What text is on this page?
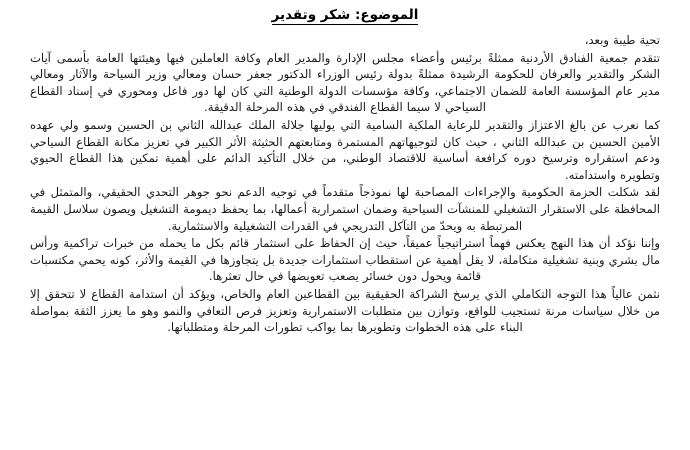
الموضوع: شكر وتقدير

تحية طيبة وبعد،

تتقدم جمعية الفنادق الأردنية ممثلةً برئيس وأعضاء مجلس الإدارة والمدير العام وكافة العاملين فيها وهيئتها العامة بأسمى آيات الشكر والتقدير والعرفان للحكومة الرشيدة ممثلةً بدولة رئيس الوزراء الدكتور جعفر حسان ومعالي وزير السياحة والآثار ومعالي مدير عام المؤسسة العامة للضمان الاجتماعي، وكافة مؤسسات الدولة الوطنية التي كان لها دور فاعل ومحوري في إسناد القطاع السياحي لا سيما القطاع الفندقي في هذه المرحلة الدقيقة.

كما نعرب عن بالغ الاعتزاز والتقدير للرعاية الملكية السامية التي يوليها جلالة الملك عبدالله الثاني بن الحسين وسمو ولي عهده الأمين الحسين بن عبدالله الثاني ، حيث كان لتوجيهاتهم المستمرة ومتابعتهم الحثيثة الأثر الكبير في تعزيز مكانة القطاع السياحي ودعم استقراره وترسيخ دوره كرافعة أساسية للاقتصاد الوطني، من خلال التأكيد الدائم على أهمية تمكين هذا القطاع الحيوي وتطويره واستدامته.

لقد شكلت الحزمة الحكومية والإجراءات المصاحبة لها نموذجاً متقدماً في توجيه الدعم نحو جوهر التحدي الحقيقي، والمتمثل في المحافظة على الاستقرار التشغيلي للمنشآت السياحية وضمان استمرارية أعمالها، بما يحفظ ديمومة التشغيل ويصون سلاسل القيمة المرتبطة به ويحدّ من التآكل التدريجي في القدرات التشغيلية والاستثمارية.

وإننا نؤكد أن هذا النهج يعكس فهماً استراتيجياً عميقاً، حيث إن الحفاظ على استثمار قائم بكل ما يحمله من خبرات تراكمية ورأس مال بشري وبنية تشغيلية متكاملة، لا يقل أهمية عن استقطاب استثمارات جديدة بل يتجاوزها في القيمة والأثر، كونه يحمي مكتسبات قائمة ويحول دون خسائر يصعب تعويضها في حال تعثرها.

نثمن عالياً هذا التوجه التكاملي الذي يرسخ الشراكة الحقيقية بين القطاعين العام والخاص، ويؤكد أن استدامة القطاع لا تتحقق إلا من خلال سياسات مرنة تستجيب للواقع، وتوازن بين متطلبات الاستمرارية وتعزيز فرص التعافي والنمو وهو ما يعزز الثقة بمواصلة البناء على هذه الخطوات وتطويرها بما يواكب تطورات المرحلة ومتطلباتها.
